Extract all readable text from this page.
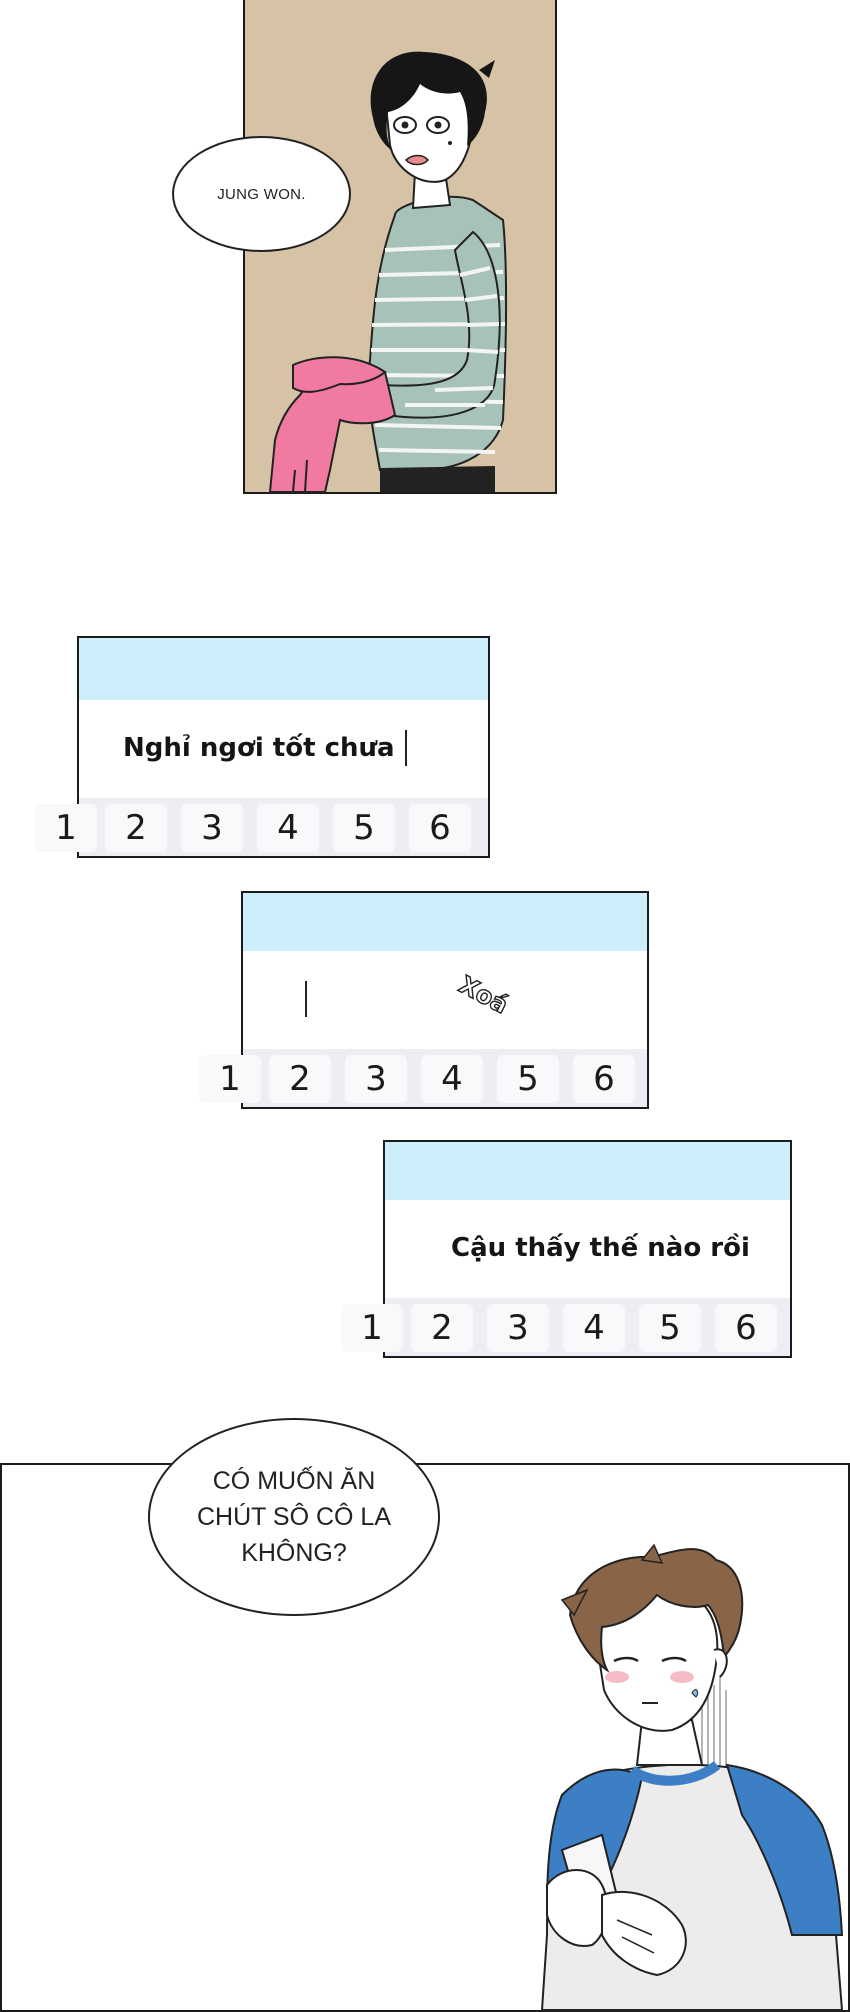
JUNG WON.
Nghỉ ngơi tốt chưa
1	2	3	4	5	6
Xoá
1	2	3	4	5	6
Cậu thấy thế nào rồi
1	2	3	4	5	6
CÓ MUỐN ĂN
CHÚT SÔ CÔ LA
KHÔNG?
